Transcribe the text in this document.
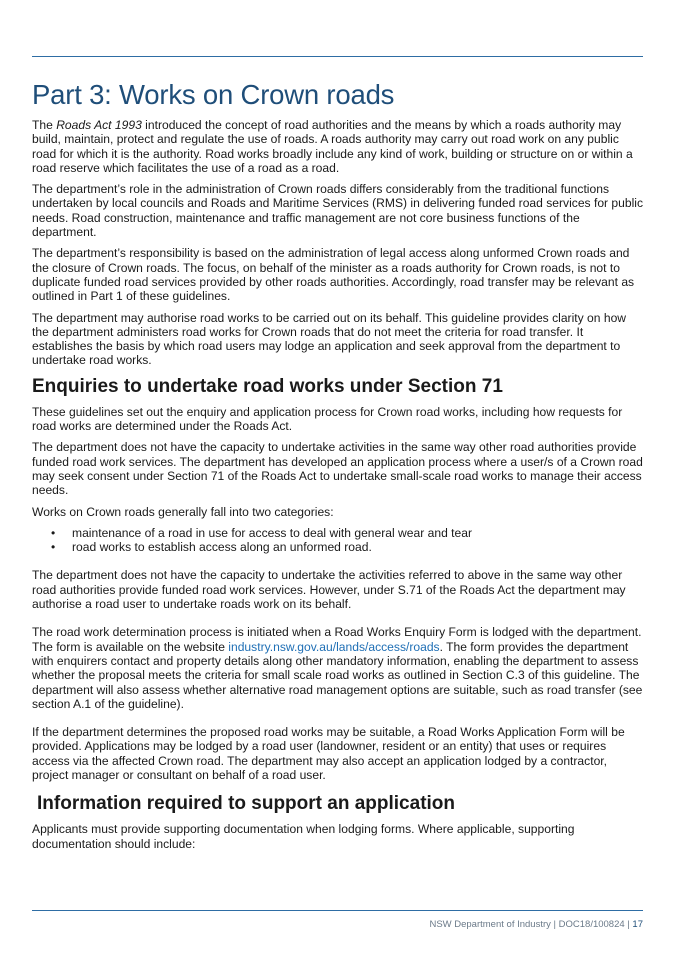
Part 3: Works on Crown roads

The Roads Act 1993 introduced the concept of road authorities and the means by which a roads authority may build, maintain, protect and regulate the use of roads. A roads authority may carry out road work on any public road for which it is the authority. Road works broadly include any kind of work, building or structure on or within a road reserve which facilitates the use of a road as a road.

The department’s role in the administration of Crown roads differs considerably from the traditional functions undertaken by local councils and Roads and Maritime Services (RMS) in delivering funded road services for public needs. Road construction, maintenance and traffic management are not core business functions of the department.

The department’s responsibility is based on the administration of legal access along unformed Crown roads and the closure of Crown roads. The focus, on behalf of the minister as a roads authority for Crown roads, is not to duplicate funded road services provided by other roads authorities. Accordingly, road transfer may be relevant as outlined in Part 1 of these guidelines.

The department may authorise road works to be carried out on its behalf. This guideline provides clarity on how the department administers road works for Crown roads that do not meet the criteria for road transfer. It establishes the basis by which road users may lodge an application and seek approval from the department to undertake road works.

Enquiries to undertake road works under Section 71

These guidelines set out the enquiry and application process for Crown road works, including how requests for road works are determined under the Roads Act.

The department does not have the capacity to undertake activities in the same way other road authorities provide funded road work services. The department has developed an application process where a user/s of a Crown road may seek consent under Section 71 of the Roads Act to undertake small-scale road works to manage their access needs.

Works on Crown roads generally fall into two categories:

• maintenance of a road in use for access to deal with general wear and tear
• road works to establish access along an unformed road.

The department does not have the capacity to undertake the activities referred to above in the same way other road authorities provide funded road work services. However, under S.71 of the Roads Act the department may authorise a road user to undertake roads work on its behalf.

The road work determination process is initiated when a Road Works Enquiry Form is lodged with the department. The form is available on the website industry.nsw.gov.au/lands/access/roads. The form provides the department with enquirers contact and property details along other mandatory information, enabling the department to assess whether the proposal meets the criteria for small scale road works as outlined in Section C.3 of this guideline. The department will also assess whether alternative road management options are suitable, such as road transfer (see section A.1 of the guideline).

If the department determines the proposed road works may be suitable, a Road Works Application Form will be provided. Applications may be lodged by a road user (landowner, resident or an entity) that uses or requires access via the affected Crown road. The department may also accept an application lodged by a contractor, project manager or consultant on behalf of a road user.

Information required to support an application

Applicants must provide supporting documentation when lodging forms. Where applicable, supporting documentation should include:

NSW Department of Industry | DOC18/100824 | 17
